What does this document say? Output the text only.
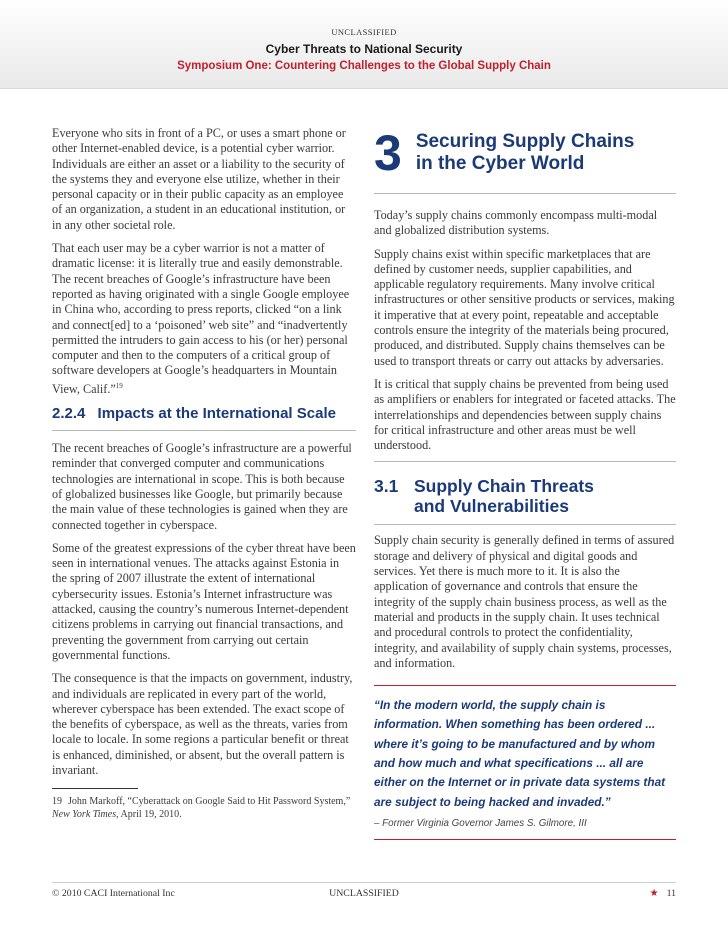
UNCLASSIFIED
Cyber Threats to National Security
Symposium One: Countering Challenges to the Global Supply Chain

Everyone who sits in front of a PC, or uses a smart phone or other Internet-enabled device, is a potential cyber warrior. Individuals are either an asset or a liability to the security of the systems they and everyone else utilize, whether in their personal capacity or in their public capacity as an employee of an organization, a student in an educational institution, or in any other societal role.

That each user may be a cyber warrior is not a matter of dramatic license: it is literally true and easily demonstrable. The recent breaches of Google’s infrastructure have been reported as having originated with a single Google employee in China who, according to press reports, clicked “on a link and connect[ed] to a ‘poisoned’ web site” and “inadvertently permitted the intruders to gain access to his (or her) personal computer and then to the computers of a critical group of software developers at Google’s headquarters in Mountain View, Calif.”$^{19}$

2.2.4 Impacts at the International Scale

The recent breaches of Google’s infrastructure are a powerful reminder that converged computer and communications technologies are international in scope. This is both because of globalized businesses like Google, but primarily because the main value of these technologies is gained when they are connected together in cyberspace.

Some of the greatest expressions of the cyber threat have been seen in international venues. The attacks against Estonia in the spring of 2007 illustrate the extent of international cybersecurity issues. Estonia’s Internet infrastructure was attacked, causing the country’s numerous Internet-dependent citizens problems in carrying out financial transactions, and preventing the government from carrying out certain governmental functions.

The consequence is that the impacts on government, industry, and individuals are replicated in every part of the world, wherever cyberspace has been extended. The exact scope of the benefits of cyberspace, as well as the threats, varies from locale to locale. In some regions a particular benefit or threat is enhanced, diminished, or absent, but the overall pattern is invariant.

19 John Markoff, “Cyberattack on Google Said to Hit Password System,” New York Times, April 19, 2010.

3 Securing Supply Chains
in the Cyber World

Today’s supply chains commonly encompass multi-modal and globalized distribution systems.

Supply chains exist within specific marketplaces that are defined by customer needs, supplier capabilities, and applicable regulatory requirements. Many involve critical infrastructures or other sensitive products or services, making it imperative that at every point, repeatable and acceptable controls ensure the integrity of the materials being procured, produced, and distributed. Supply chains themselves can be used to transport threats or carry out attacks by adversaries.

It is critical that supply chains be prevented from being used as amplifiers or enablers for integrated or faceted attacks. The interrelationships and dependencies between supply chains for critical infrastructure and other areas must be well understood.

3.1 Supply Chain Threats
and Vulnerabilities

Supply chain security is generally defined in terms of assured storage and delivery of physical and digital goods and services. Yet there is much more to it. It is also the application of governance and controls that ensure the integrity of the supply chain business process, as well as the material and products in the supply chain. It uses technical and procedural controls to protect the confidentiality, integrity, and availability of supply chain systems, processes, and information.

“In the modern world, the supply chain is information. When something has been ordered ... where it’s going to be manufactured and by whom and how much and what specifications ... all are either on the Internet or in private data systems that are subject to being hacked and invaded.”

– Former Virginia Governor James S. Gilmore, III

© 2010 CACI International Inc	UNCLASSIFIED	★ 11
